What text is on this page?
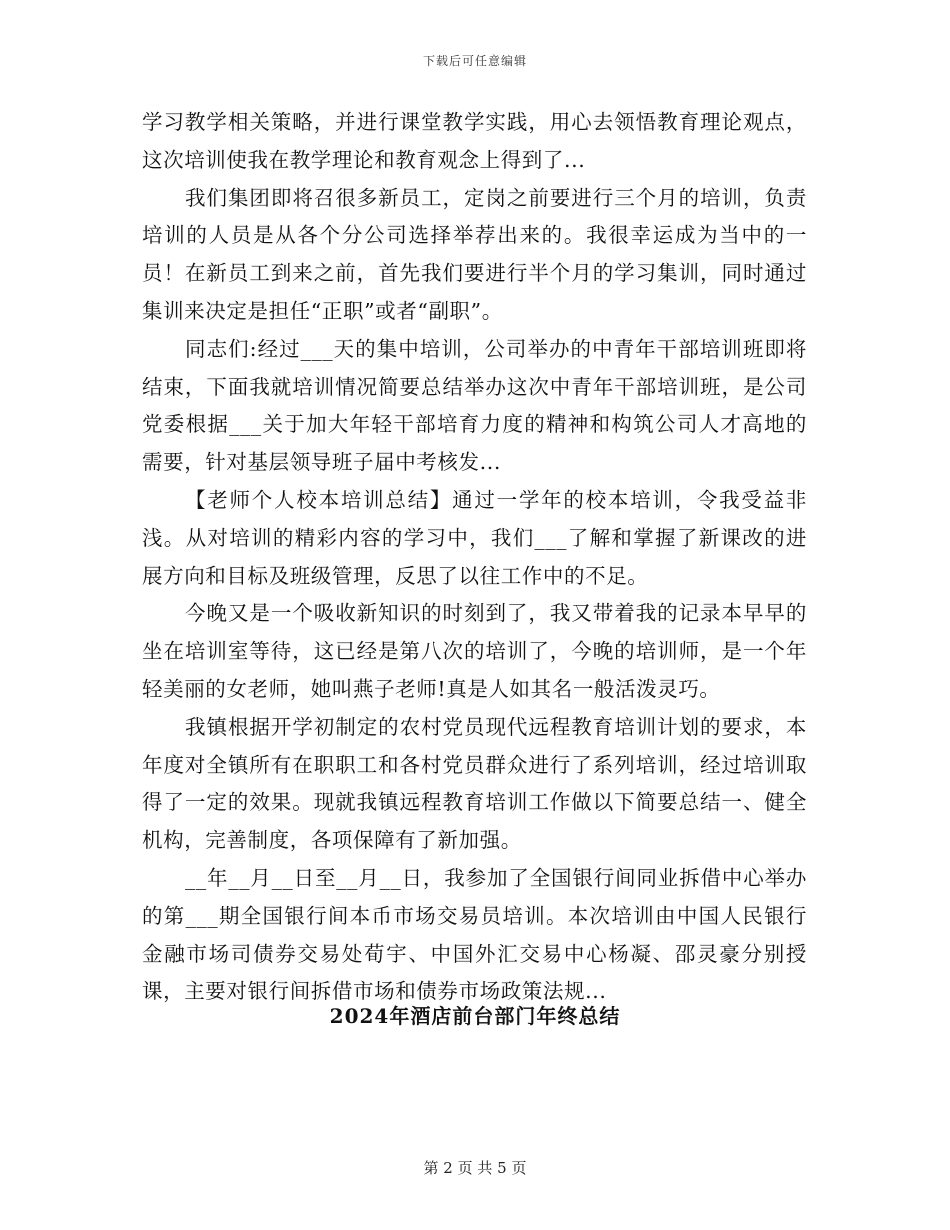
下载后可任意编辑

学习教学相关策略，并进行课堂教学实践，用心去领悟教育理论观点，这次培训使我在教学理论和教育观念上得到了...

我们集团即将召很多新员工，定岗之前要进行三个月的培训，负责培训的人员是从各个分公司选择举荐出来的。我很幸运成为当中的一员！在新员工到来之前，首先我们要进行半个月的学习集训，同时通过集训来决定是担任“正职”或者“副职”。

同志们:经过___天的集中培训，公司举办的中青年干部培训班即将结束，下面我就培训情况简要总结举办这次中青年干部培训班，是公司党委根据___关于加大年轻干部培育力度的精神和构筑公司人才高地的需要，针对基层领导班子届中考核发...

【老师个人校本培训总结】通过一学年的校本培训，令我受益非浅。从对培训的精彩内容的学习中，我们___了解和掌握了新课改的进展方向和目标及班级管理，反思了以往工作中的不足。

今晚又是一个吸收新知识的时刻到了，我又带着我的记录本早早的坐在培训室等待，这已经是第八次的培训了，今晚的培训师，是一个年轻美丽的女老师，她叫燕子老师!真是人如其名一般活泼灵巧。

我镇根据开学初制定的农村党员现代远程教育培训计划的要求，本年度对全镇所有在职职工和各村党员群众进行了系列培训，经过培训取得了一定的效果。现就我镇远程教育培训工作做以下简要总结一、健全机构，完善制度，各项保障有了新加强。

__年__月__日至__月__日，我参加了全国银行间同业拆借中心举办的第___期全国银行间本币市场交易员培训。本次培训由中国人民银行金融市场司债券交易处荀宇、中国外汇交易中心杨凝、邵灵豪分别授课，主要对银行间拆借市场和债券市场政策法规...

2024年酒店前台部门年终总结
第 2 页 共 5 页
